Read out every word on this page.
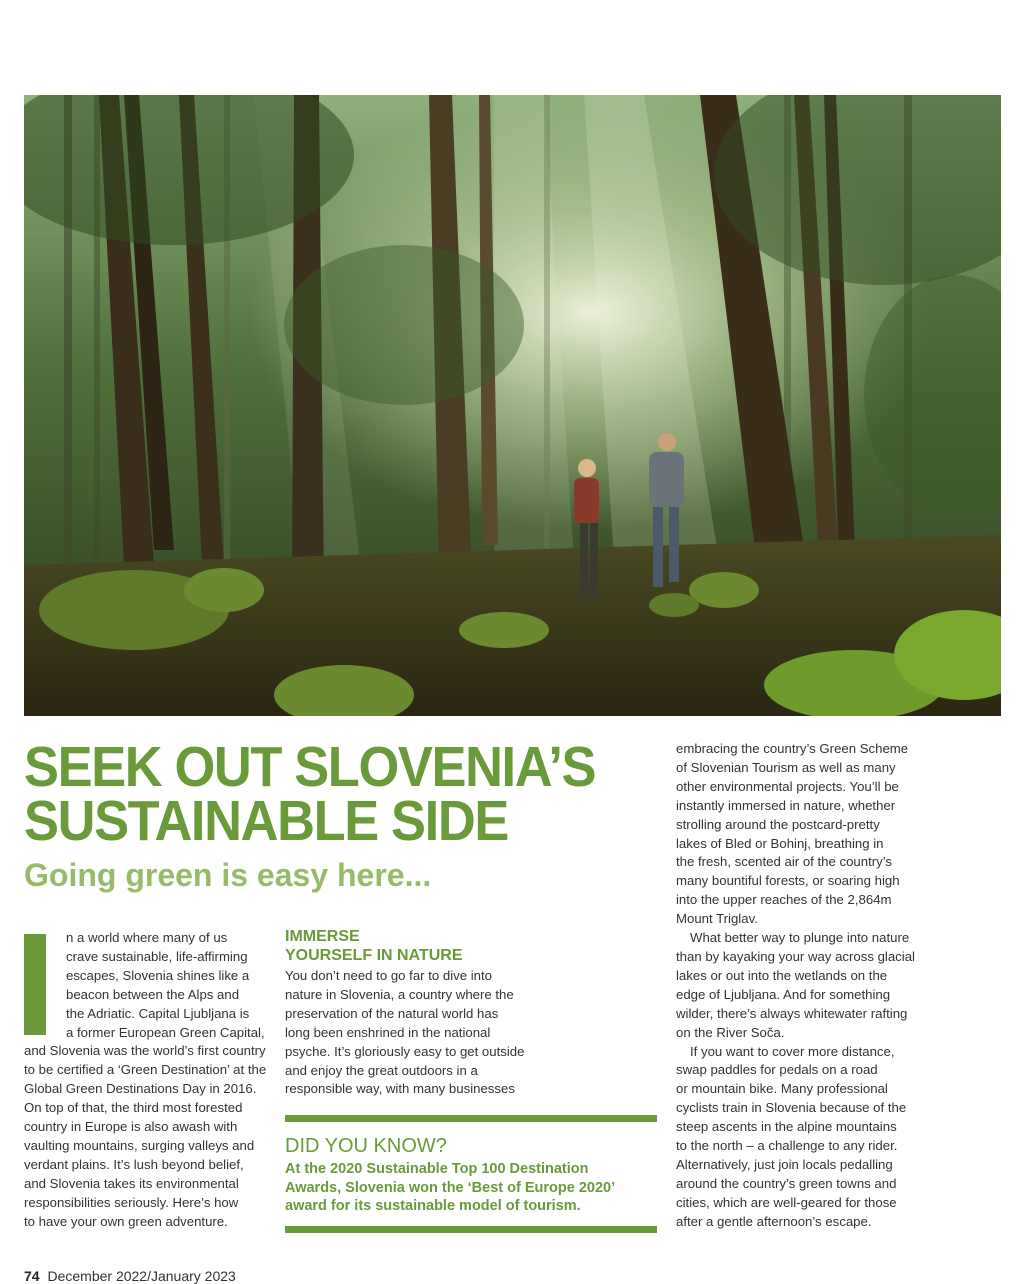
SEEK OUT SLOVENIA’S
SUSTAINABLE SIDE
Going green is easy here...
n a world where many of us
crave sustainable, life-affirming
escapes, Slovenia shines like a
beacon between the Alps and
the Adriatic. Capital Ljubljana is
a former European Green Capital,
and Slovenia was the world’s first country
to be certified a ‘Green Destination’ at the
Global Green Destinations Day in 2016.
On top of that, the third most forested
country in Europe is also awash with
vaulting mountains, surging valleys and
verdant plains. It’s lush beyond belief,
and Slovenia takes its environmental
responsibilities seriously. Here’s how
to have your own green adventure.
IMMERSE
YOURSELF IN NATURE
You don’t need to go far to dive into
nature in Slovenia, a country where the
preservation of the natural world has
long been enshrined in the national
psyche. It’s gloriously easy to get outside
and enjoy the great outdoors in a
responsible way, with many businesses
DID YOU KNOW?

At the 2020 Sustainable Top 100 Destination
Awards, Slovenia won the ‘Best of Europe 2020’
award for its sustainable model of tourism.

embracing the country’s Green Scheme
of Slovenian Tourism as well as many
other environmental projects. You’ll be
instantly immersed in nature, whether
strolling around the postcard-pretty
lakes of Bled or Bohinj, breathing in
the fresh, scented air of the country’s
many bountiful forests, or soaring high
into the upper reaches of the 2,864m
Mount Triglav.
What better way to plunge into nature
than by kayaking your way across glacial
lakes or out into the wetlands on the
edge of Ljubljana. And for something
wilder, there’s always whitewater rafting
on the River Soča.
If you want to cover more distance,
swap paddles for pedals on a road
or mountain bike. Many professional
cyclists train in Slovenia because of the
steep ascents in the alpine mountains
to the north – a challenge to any rider.
Alternatively, just join locals pedalling
around the country’s green towns and
cities, which are well-geared for those
after a gentle afternoon’s escape.
74 December 2022/January 2023
